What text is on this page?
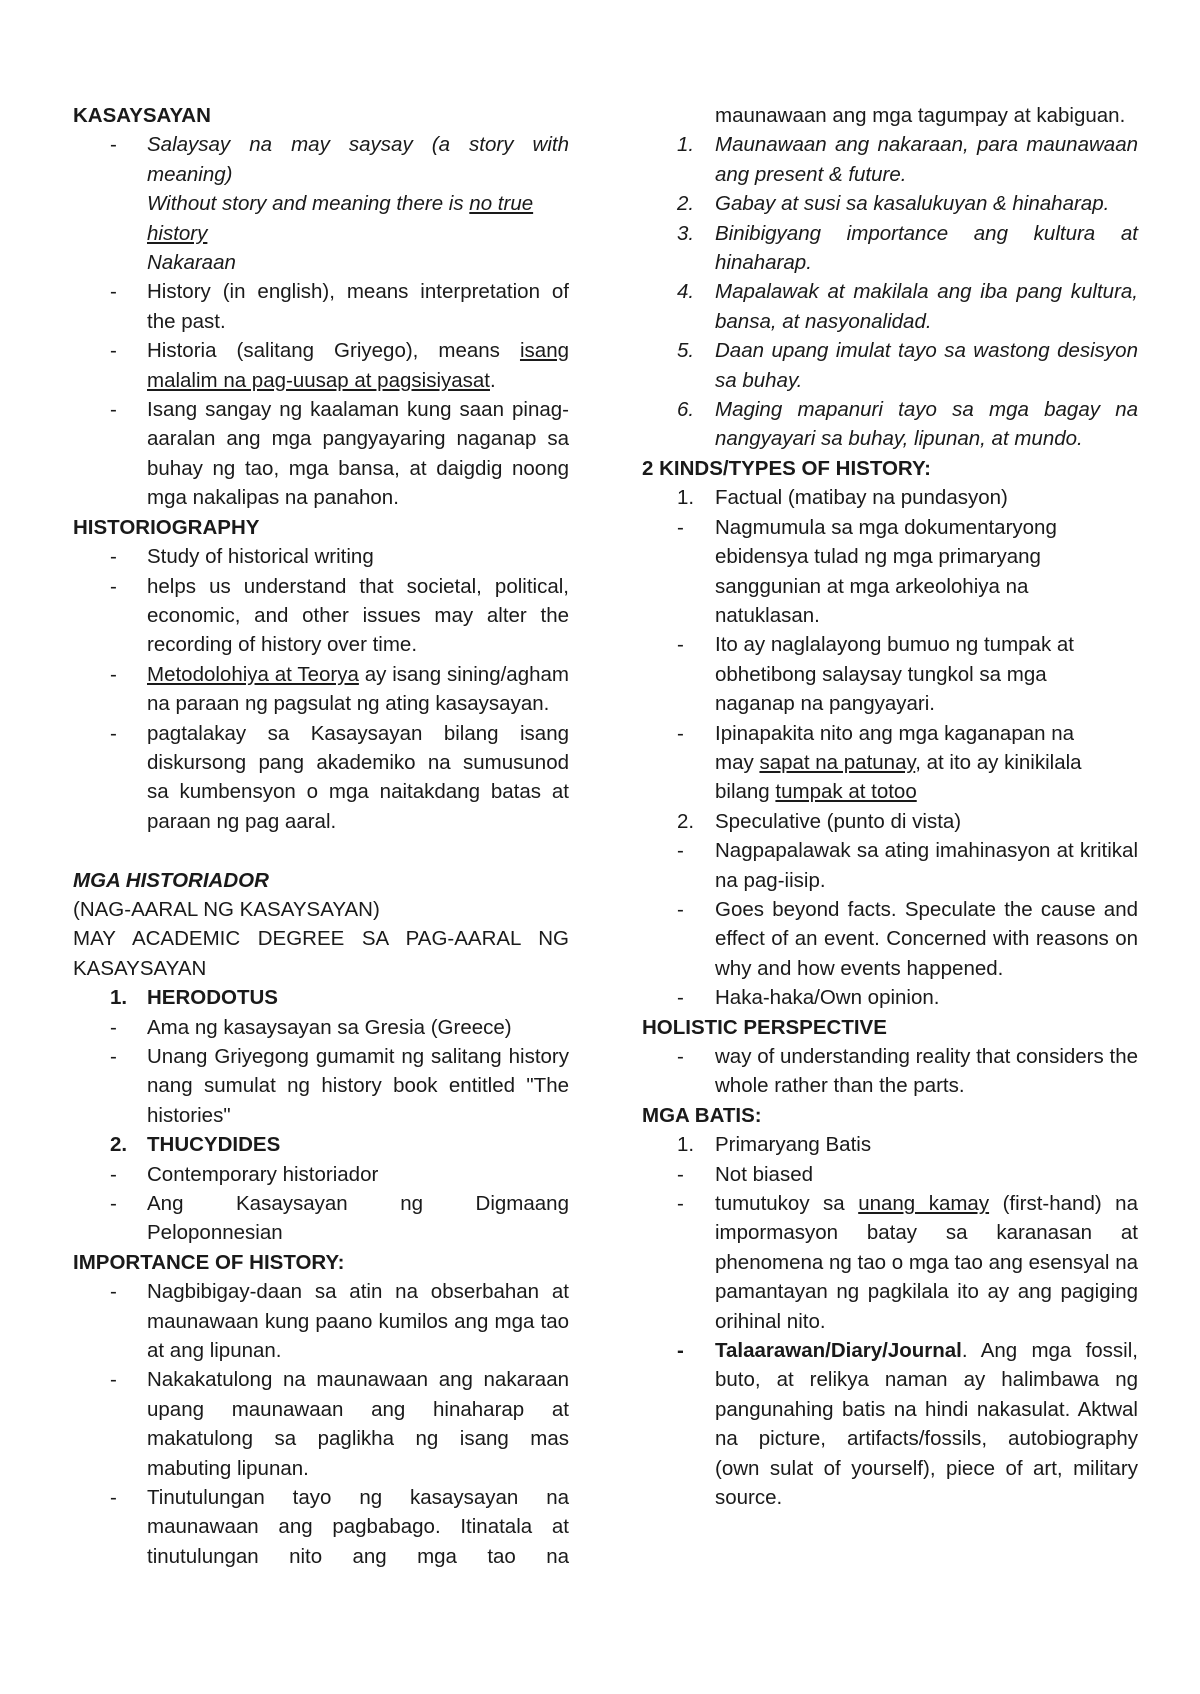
KASAYSAYAN
-	Salaysay na may saysay (a story with meaning)
Without story and meaning there is no true history
Nakaraan
-	History (in english), means interpretation of the past.
-	Historia (salitang Griyego), means isang malalim na pag-uusap at pagsisiyasat.
-	Isang sangay ng kaalaman kung saan pinag-aaralan ang mga pangyayaring naganap sa buhay ng tao, mga bansa, at daigdig noong mga nakalipas na panahon.
HISTORIOGRAPHY
-	Study of historical writing
-	helps us understand that societal, political, economic, and other issues may alter the recording of history over time.
-	Metodolohiya at Teorya ay isang sining/agham na paraan ng pagsulat ng ating kasaysayan.
-	pagtalakay sa Kasaysayan bilang isang diskursong pang akademiko na sumusunod sa kumbensyon o mga naitakdang batas at paraan ng pag aaral.
MGA HISTORIADOR
(NAG-AARAL NG KASAYSAYAN)
MAY ACADEMIC DEGREE SA PAG-AARAL NG KASAYSAYAN
1. HERODOTUS
-	Ama ng kasaysayan sa Gresia (Greece)
-	Unang Griyegong gumamit ng salitang history nang sumulat ng history book entitled "The histories"
2. THUCYDIDES
-	Contemporary historiador
-	Ang Kasaysayan ng Digmaang Peloponnesian
IMPORTANCE OF HISTORY:
-	Nagbibigay-daan sa atin na obserbahan at maunawaan kung paano kumilos ang mga tao at ang lipunan.
-	Nakakatulong na maunawaan ang nakaraan upang maunawaan ang hinaharap at makatulong sa paglikha ng isang mas mabuting lipunan.
-	Tinutulungan tayo ng kasaysayan na maunawaan ang pagbabago. Itinatala at tinutulungan nito ang mga tao na
maunawaan ang mga tagumpay at kabiguan.
1.	Maunawaan ang nakaraan, para maunawaan ang present & future.
2.	Gabay at susi sa kasalukuyan & hinaharap.
3.	Binibigyang importance ang kultura at hinaharap.
4.	Mapalawak at makilala ang iba pang kultura, bansa, at nasyonalidad.
5.	Daan upang imulat tayo sa wastong desisyon sa buhay.
6.	Maging mapanuri tayo sa mga bagay na nangyayari sa buhay, lipunan, at mundo.
2 KINDS/TYPES OF HISTORY:
1.	Factual (matibay na pundasyon)
-	Nagmumula sa mga dokumentaryong ebidensya tulad ng mga primaryang sanggunian at mga arkeolohiya na natuklasan.
-	Ito ay naglalayong bumuo ng tumpak at obhetibong salaysay tungkol sa mga naganap na pangyayari.
-	Ipinapakita nito ang mga kaganapan na may sapat na patunay, at ito ay kinikilala bilang tumpak at totoo
2.	Speculative (punto di vista)
-	Nagpapalawak sa ating imahinasyon at kritikal na pag-iisip.
-	Goes beyond facts. Speculate the cause and effect of an event. Concerned with reasons on why and how events happened.
-	Haka-haka/Own opinion.
HOLISTIC PERSPECTIVE
-	way of understanding reality that considers the whole rather than the parts.
MGA BATIS:
1.	Primaryang Batis
-	Not biased
-	tumutukoy sa unang kamay (first-hand) na impormasyon batay sa karanasan at phenomena ng tao o mga tao ang esensyal na pamantayan ng pagkilala ito ay ang pagiging orihinal nito.
-	Talaarawan/Diary/Journal. Ang mga fossil, buto, at relikya naman ay halimbawa ng pangunahing batis na hindi nakasulat. Aktwal na picture, artifacts/fossils, autobiography (own sulat of yourself), piece of art, military source.
